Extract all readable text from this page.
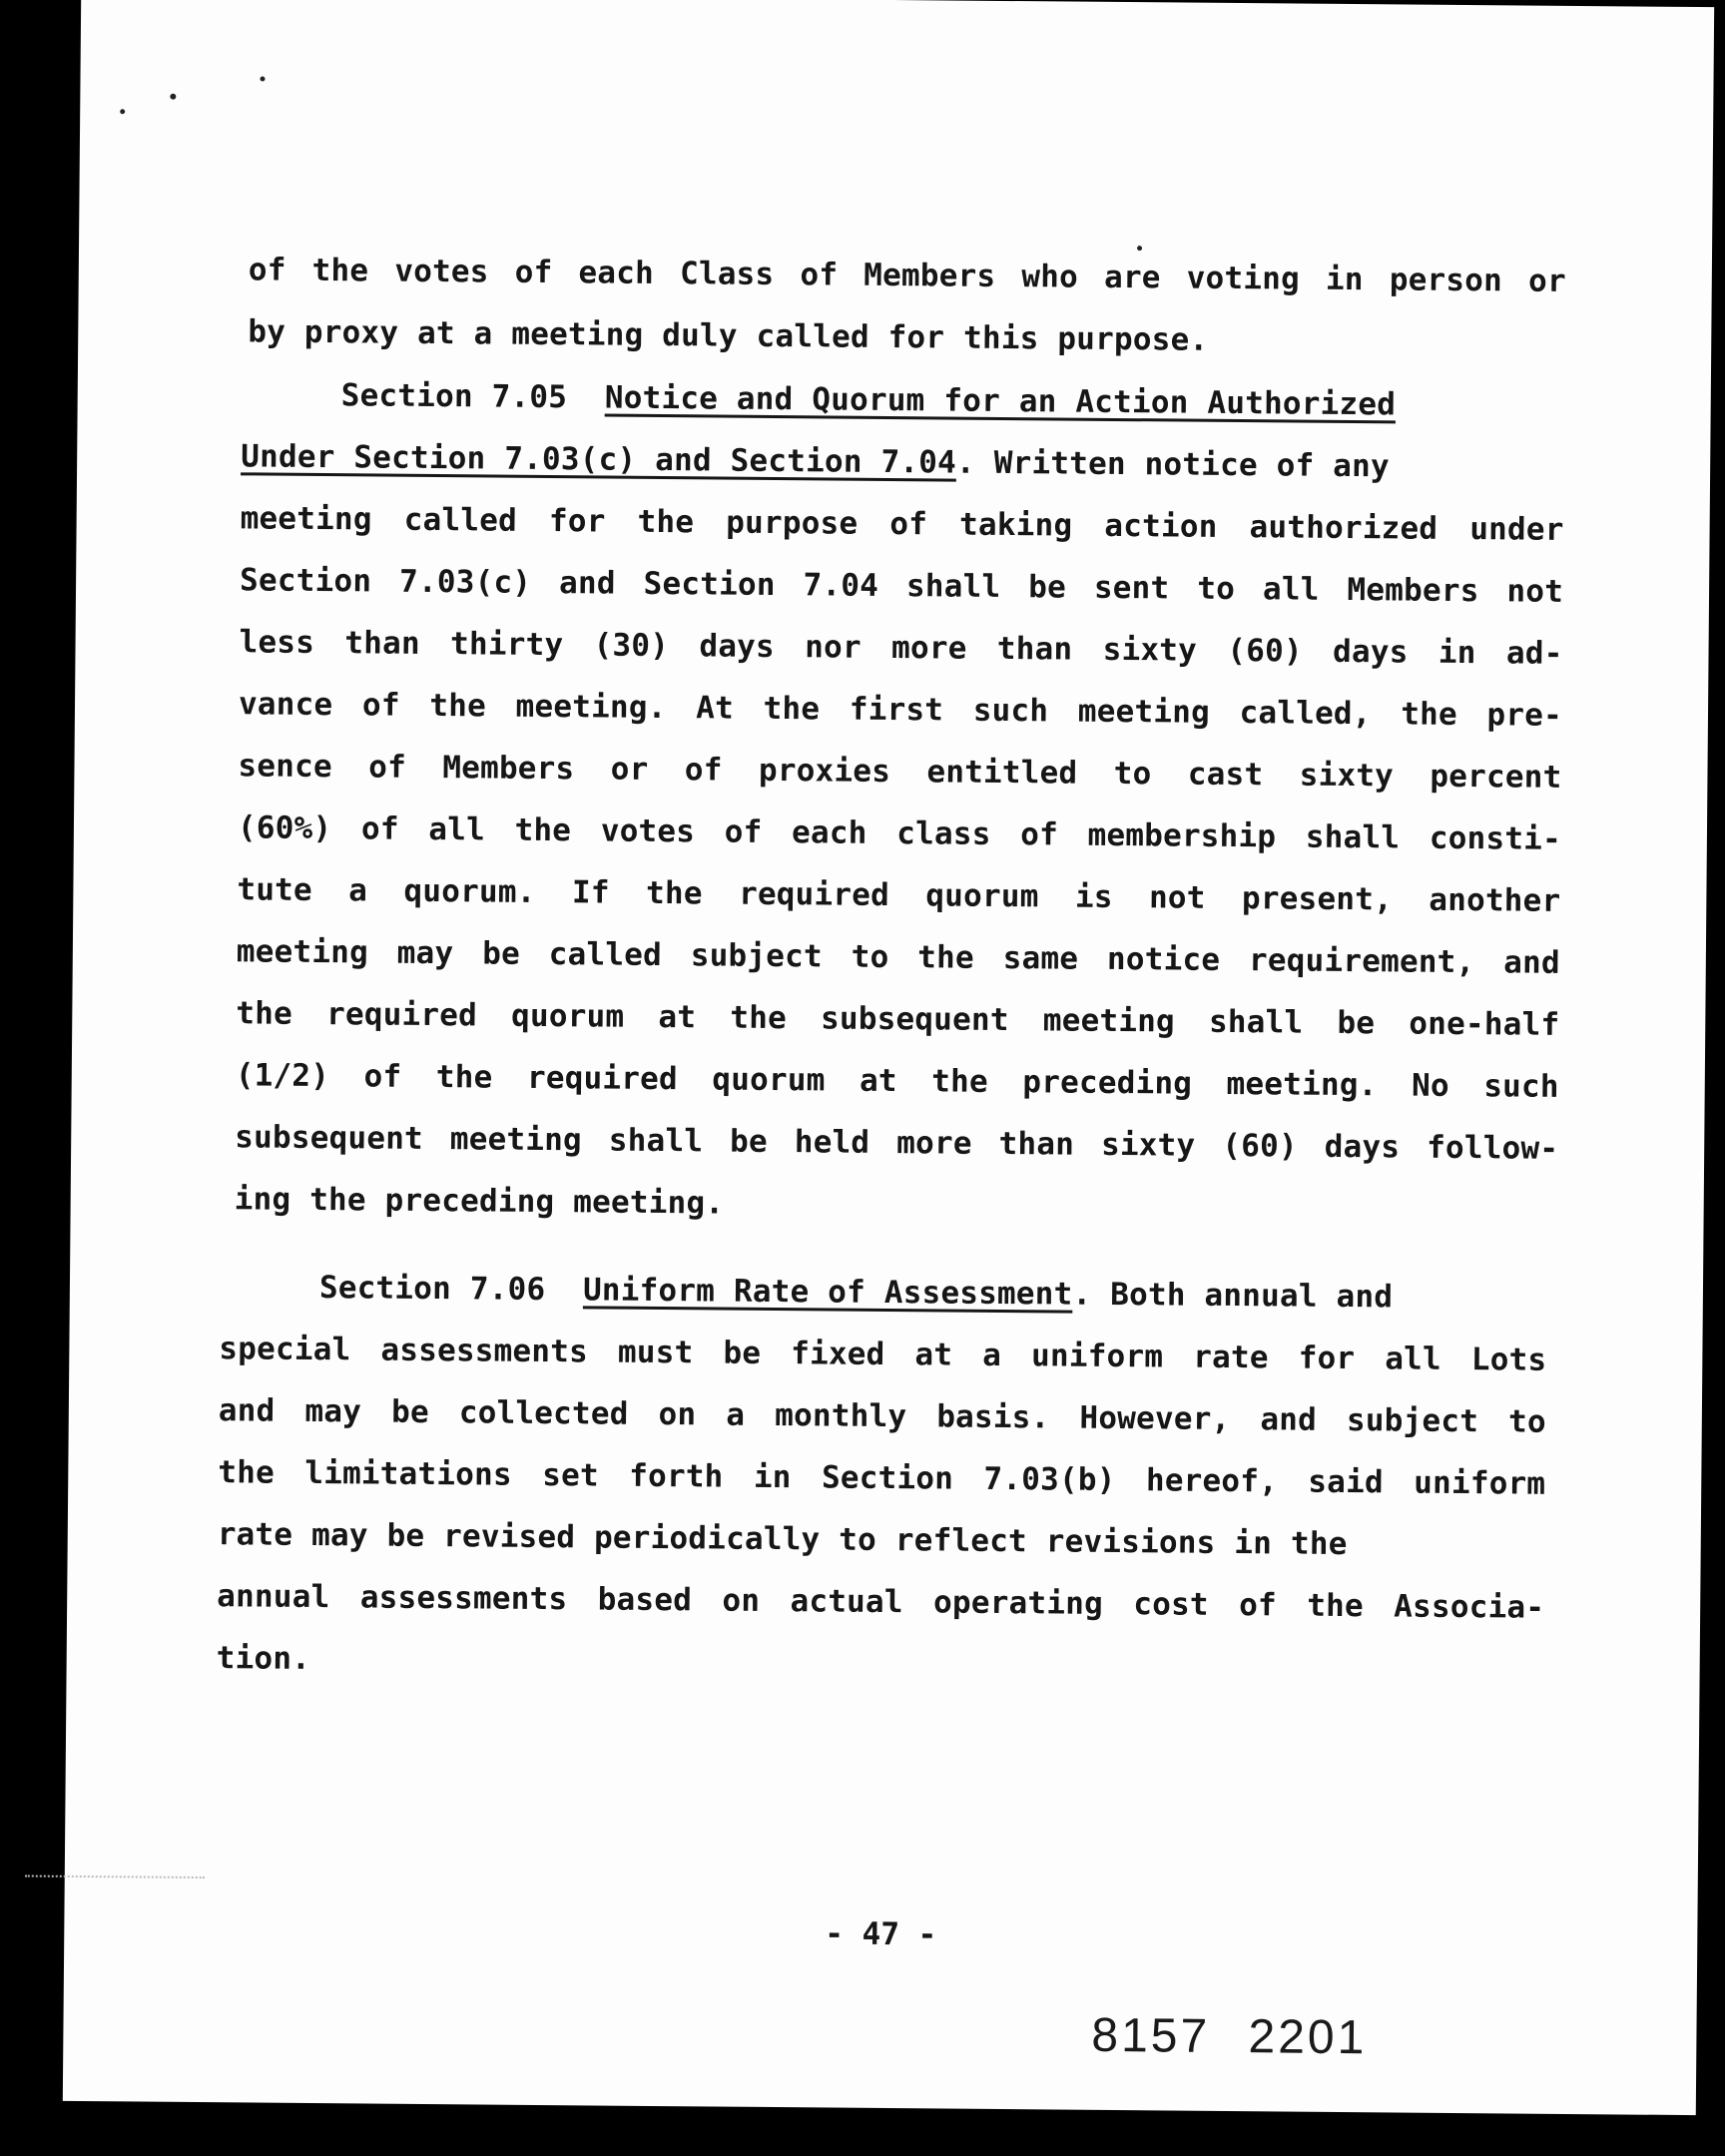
of the votes of each Class of Members who are voting in person or
by proxy at a meeting duly called for this purpose.
Section 7.05 Notice and Quorum for an Action Authorized
Under Section 7.03(c) and Section 7.04. Written notice of any
meeting called for the purpose of taking action authorized under
Section 7.03(c) and Section 7.04 shall be sent to all Members not
less than thirty (30) days nor more than sixty (60) days in ad-
vance of the meeting. At the first such meeting called, the pre-
sence of Members or of proxies entitled to cast sixty percent
(60%) of all the votes of each class of membership shall consti-
tute a quorum. If the required quorum is not present, another
meeting may be called subject to the same notice requirement, and
the required quorum at the subsequent meeting shall be one-half
(1/2) of the required quorum at the preceding meeting. No such
subsequent meeting shall be held more than sixty (60) days follow-
ing the preceding meeting.
Section 7.06 Uniform Rate of Assessment. Both annual and
special assessments must be fixed at a uniform rate for all Lots
and may be collected on a monthly basis. However, and subject to
the limitations set forth in Section 7.03(b) hereof, said uniform
rate may be revised periodically to reflect revisions in the
annual assessments based on actual operating cost of the Associa-
tion.
- 47 -
8157 2201
